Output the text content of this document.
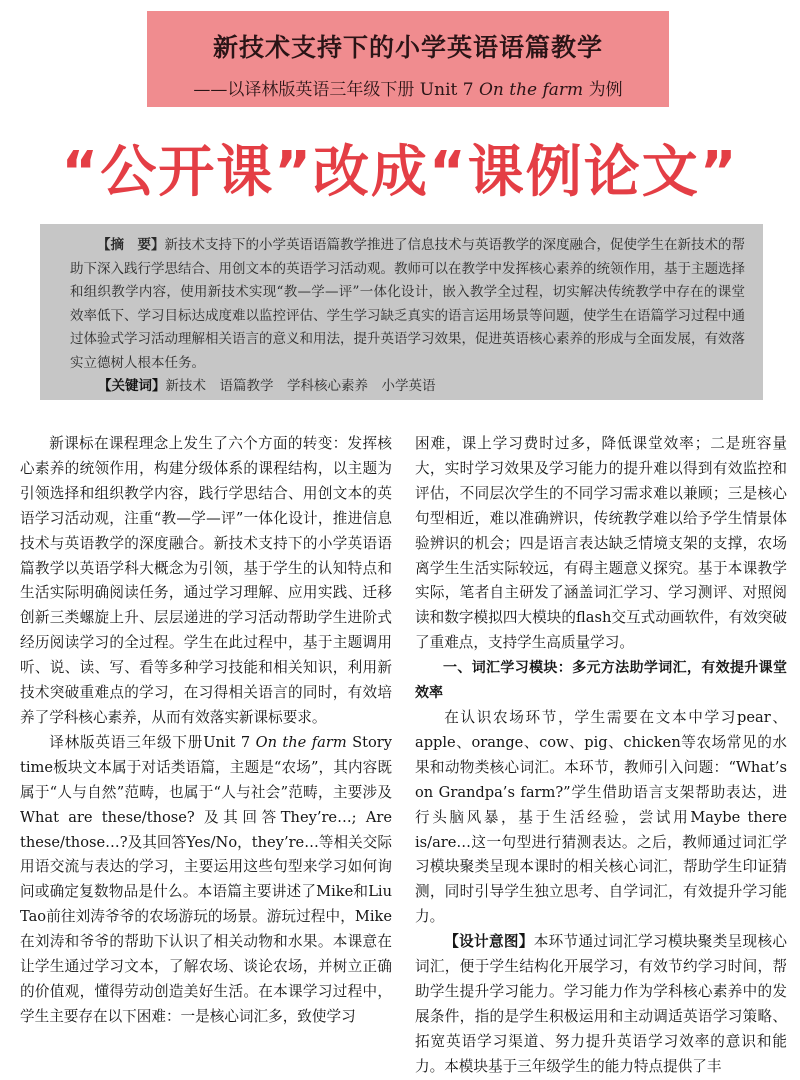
新技术支持下的小学英语语篇教学
——以译林版英语三年级下册 Unit 7 On the farm 为例
“公开课”改成“课例论文”

【摘　要】新技术支持下的小学英语语篇教学推进了信息技术与英语教学的深度融合，促使学生在新技术的帮助下深入践行学思结合、用创文本的英语学习活动观。教师可以在教学中发挥核心素养的统领作用，基于主题选择和组织教学内容，使用新技术实现“教—学—评”一体化设计，嵌入教学全过程，切实解决传统教学中存在的课堂效率低下、学习目标达成度难以监控评估、学生学习缺乏真实的语言运用场景等问题，使学生在语篇学习过程中通过体验式学习活动理解相关语言的意义和用法，提升英语学习效果，促进英语核心素养的形成与全面发展，有效落实立德树人根本任务。

【关键词】新技术　语篇教学　学科核心素养　小学英语

新课标在课程理念上发生了六个方面的转变：发挥核心素养的统领作用，构建分级体系的课程结构，以主题为引领选择和组织教学内容，践行学思结合、用创文本的英语学习活动观，注重“教—学—评”一体化设计，推进信息技术与英语教学的深度融合。新技术支持下的小学英语语篇教学以英语学科大概念为引领，基于学生的认知特点和生活实际明确阅读任务，通过学习理解、应用实践、迁移创新三类螺旋上升、层层递进的学习活动帮助学生进阶式经历阅读学习的全过程。学生在此过程中，基于主题调用听、说、读、写、看等多种学习技能和相关知识，利用新技术突破重难点的学习，在习得相关语言的同时，有效培养了学科核心素养，从而有效落实新课标要求。

译林版英语三年级下册Unit 7 On the farm Story time板块文本属于对话类语篇，主题是“农场”，其内容既属于“人与自然”范畴，也属于“人与社会”范畴，主要涉及What are these/those? 及其回答They’re…; Are these/those…?及其回答Yes/No，they’re…等相关交际用语交流与表达的学习，主要运用这些句型来学习如何询问或确定复数物品是什么。本语篇主要讲述了Mike和Liu Tao前往刘涛爷爷的农场游玩的场景。游玩过程中，Mike在刘涛和爷爷的帮助下认识了相关动物和水果。本课意在让学生通过学习文本，了解农场、谈论农场，并树立正确的价值观，懂得劳动创造美好生活。在本课学习过程中，学生主要存在以下困难：一是核心词汇多，致使学习

困难，课上学习费时过多，降低课堂效率；二是班容量大，实时学习效果及学习能力的提升难以得到有效监控和评估，不同层次学生的不同学习需求难以兼顾；三是核心句型相近，难以准确辨识，传统教学难以给予学生情景体验辨识的机会；四是语言表达缺乏情境支架的支撑，农场离学生生活实际较远，有碍主题意义探究。基于本课教学实际，笔者自主研发了涵盖词汇学习、学习测评、对照阅读和数字模拟四大模块的flash交互式动画软件，有效突破了重难点，支持学生高质量学习。

一、词汇学习模块：多元方法助学词汇，有效提升课堂效率

在认识农场环节，学生需要在文本中学习pear、apple、orange、cow、pig、chicken等农场常见的水果和动物类核心词汇。本环节，教师引入问题：“What’s on Grandpa’s farm?”学生借助语言支架帮助表达，进行头脑风暴，基于生活经验，尝试用Maybe there is/are…这一句型进行猜测表达。之后，教师通过词汇学习模块聚类呈现本课时的相关核心词汇，帮助学生印证猜测，同时引导学生独立思考、自学词汇，有效提升学习能力。

【设计意图】本环节通过词汇学习模块聚类呈现核心词汇，便于学生结构化开展学习，有效节约学习时间，帮助学生提升学习能力。学习能力作为学科核心素养中的发展条件，指的是学生积极运用和主动调适英语学习策略、拓宽英语学习渠道、努力提升英语学习效率的意识和能力。本模块基于三年级学生的能力特点提供了丰
